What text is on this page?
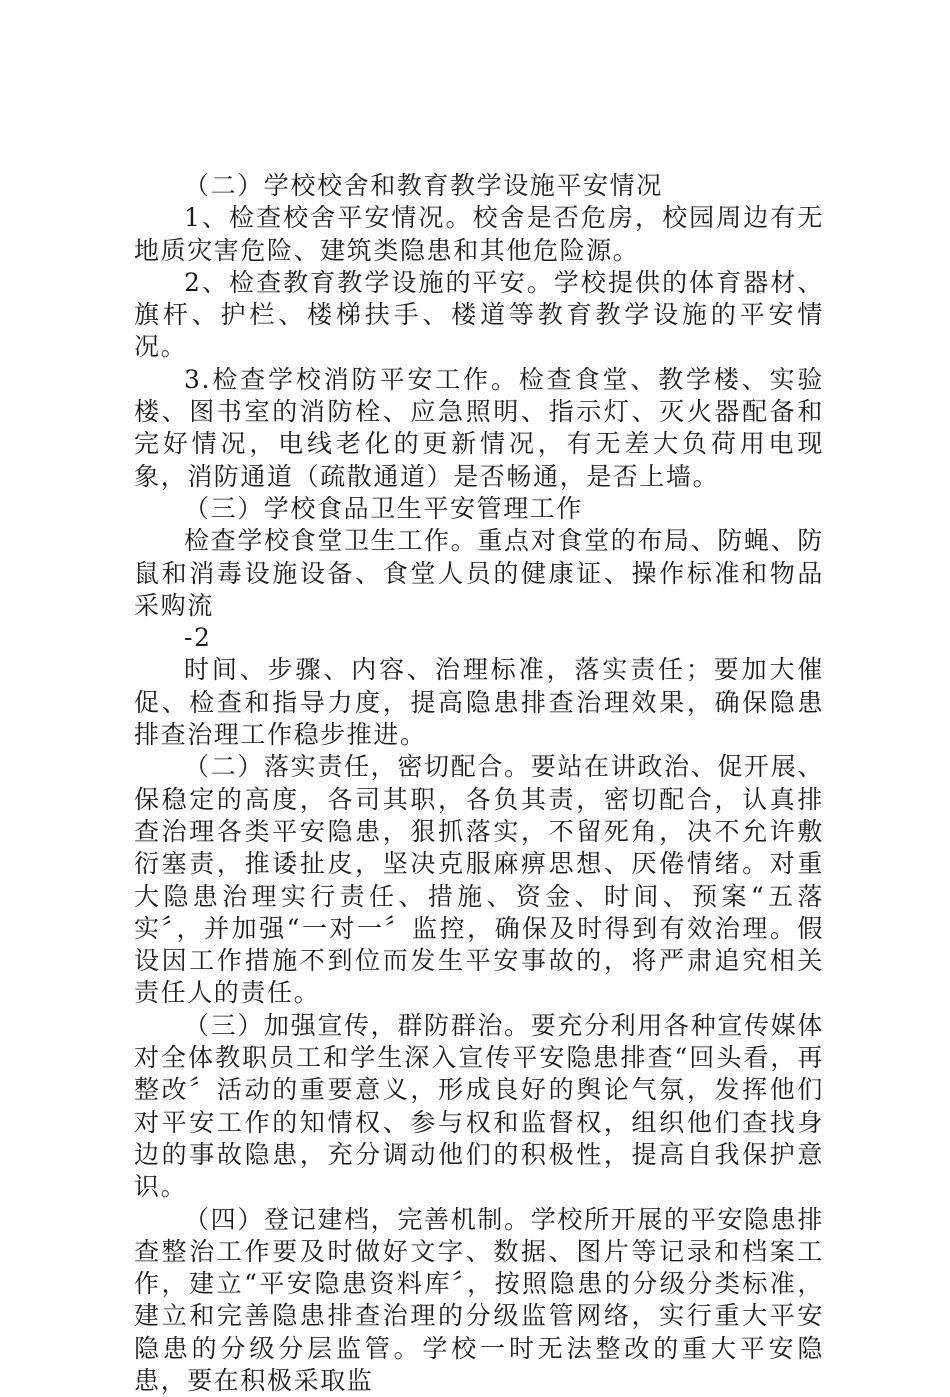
（二）学校校舍和教育教学设施平安情况

1、检查校舍平安情况。校舍是否危房，校园周边有无地质灾害危险、建筑类隐患和其他危险源。

2、检查教育教学设施的平安。学校提供的体育器材、旗杆、护栏、楼梯扶手、楼道等教育教学设施的平安情况。

3.检查学校消防平安工作。检查食堂、教学楼、实验楼、图书室的消防栓、应急照明、指示灯、灭火器配备和完好情况，电线老化的更新情况，有无差大负荷用电现象，消防通道（疏散通道）是否畅通，是否上墙。

（三）学校食品卫生平安管理工作

检查学校食堂卫生工作。重点对食堂的布局、防蝇、防鼠和消毒设施设备、食堂人员的健康证、操作标准和物品采购流

-2

时间、步骤、内容、治理标准，落实责任；要加大催促、检查和指导力度，提高隐患排查治理效果，确保隐患排查治理工作稳步推进。

（二）落实责任，密切配合。要站在讲政治、促开展、保稳定的高度，各司其职，各负其责，密切配合，认真排查治理各类平安隐患，狠抓落实，不留死角，决不允许敷衍塞责，推诿扯皮，坚决克服麻痹思想、厌倦情绪。对重大隐患治理实行责任、措施、资金、时间、预案“五落实〞，并加强“一对一〞监控，确保及时得到有效治理。假设因工作措施不到位而发生平安事故的，将严肃追究相关责任人的责任。

（三）加强宣传，群防群治。要充分利用各种宣传媒体对全体教职员工和学生深入宣传平安隐患排查“回头看，再整改〞活动的重要意义，形成良好的舆论气氛，发挥他们对平安工作的知情权、参与权和监督权，组织他们查找身边的事故隐患，充分调动他们的积极性，提高自我保护意识。

（四）登记建档，完善机制。学校所开展的平安隐患排查整治工作要及时做好文字、数据、图片等记录和档案工作，建立“平安隐患资料库〞，按照隐患的分级分类标准，建立和完善隐患排查治理的分级监管网络，实行重大平安隐患的分级分层监管。学校一时无法整改的重大平安隐患，要在积极采取监
